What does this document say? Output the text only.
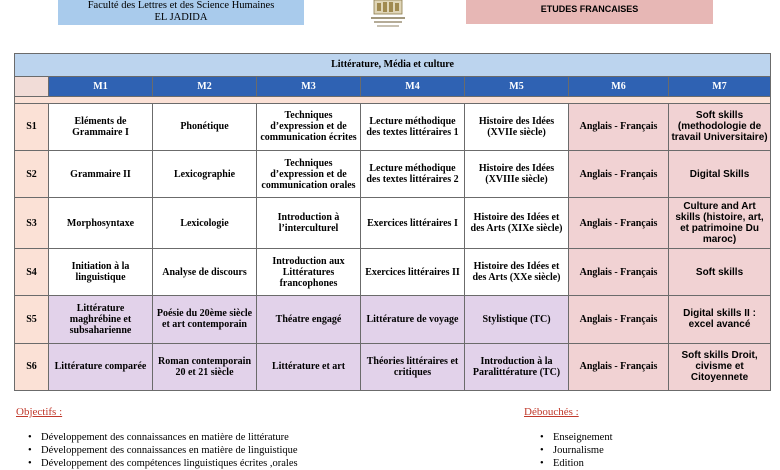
Faculté des Lettres et des Science Humaines
EL JADIDA
ETUDES FRANCAISES
Littérature, Média et culture							
	M1	M2	M3	M4	M5	M6	M7

S1	Eléments de Grammaire I	Phonétique	Techniques d’expression et de communication écrites	Lecture méthodique des textes littéraires 1	Histoire des Idées (XVIIe siècle)	Anglais - Français	Soft skills (methodologie de travail Universitaire)
S2	Grammaire II	Lexicographie	Techniques d’expression et de communication orales	Lecture méthodique des textes littéraires 2	Histoire des Idées (XVIIIe siècle)	Anglais - Français	Digital Skills
S3	Morphosyntaxe	Lexicologie	Introduction à l’interculturel	Exercices littéraires I	Histoire des Idées et des Arts (XIXe siècle)	Anglais - Français	Culture and Art skills (histoire, art, et patrimoine Du maroc)
S4	Initiation à la linguistique	Analyse de discours	Introduction aux Littératures francophones	Exercices littéraires II	Histoire des Idées et des Arts (XXe siècle)	Anglais - Français	Soft skills
S5	Littérature maghrébine et subsaharienne	Poésie du 20ème siècle et art contemporain	Théatre engagé	Littérature de voyage	Stylistique (TC)	Anglais - Français	Digital skills II : excel avancé
S6	Littérature comparée	Roman contemporain 20 et 21 siècle	Littérature et art	Théories littéraires et critiques	Introduction à la Paralittérature (TC)	Anglais - Français	Soft skills Droit, civisme et Citoyennete
Objectifs :
• Développement des connaissances en matière de littérature
• Développement des connaissances en matière de linguistique
• Développement des compétences linguistiques écrites ,orales
Débouchés :
• Enseignement
• Journalisme
• Edition
